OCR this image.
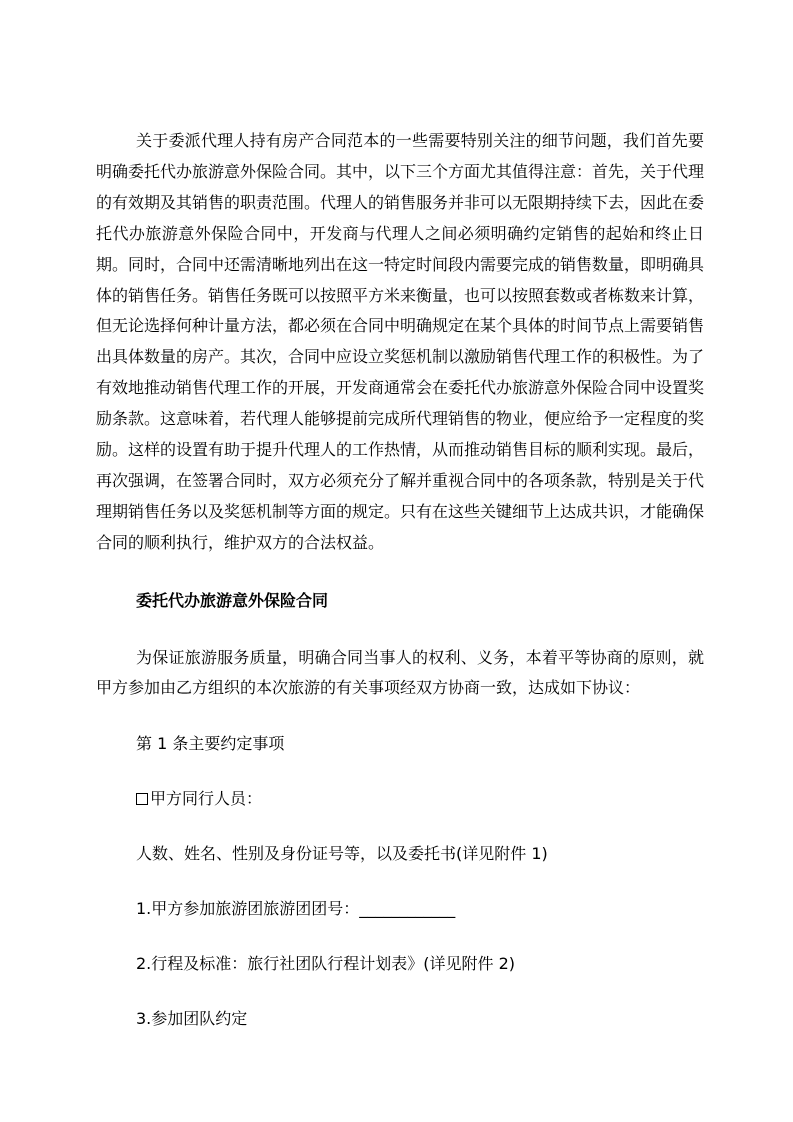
关于委派代理人持有房产合同范本的一些需要特别关注的细节问题，我们首先要明确委托代办旅游意外保险合同。其中，以下三个方面尤其值得注意：首先，关于代理的有效期及其销售的职责范围。代理人的销售服务并非可以无限期持续下去，因此在委托代办旅游意外保险合同中，开发商与代理人之间必须明确约定销售的起始和终止日期。同时，合同中还需清晰地列出在这一特定时间段内需要完成的销售数量，即明确具体的销售任务。销售任务既可以按照平方米来衡量，也可以按照套数或者栋数来计算，但无论选择何种计量方法，都必须在合同中明确规定在某个具体的时间节点上需要销售出具体数量的房产。其次，合同中应设立奖惩机制以激励销售代理工作的积极性。为了有效地推动销售代理工作的开展，开发商通常会在委托代办旅游意外保险合同中设置奖励条款。这意味着，若代理人能够提前完成所代理销售的物业，便应给予一定程度的奖励。这样的设置有助于提升代理人的工作热情，从而推动销售目标的顺利实现。最后，再次强调，在签署合同时，双方必须充分了解并重视合同中的各项条款，特别是关于代理期销售任务以及奖惩机制等方面的规定。只有在这些关键细节上达成共识，才能确保合同的顺利执行，维护双方的合法权益。

委托代办旅游意外保险合同

为保证旅游服务质量，明确合同当事人的权利、义务，本着平等协商的原则，就甲方参加由乙方组织的本次旅游的有关事项经双方协商一致，达成如下协议：

第 1 条主要约定事项

甲方同行人员：

人数、姓名、性别及身份证号等，以及委托书(详见附件 1)

1.甲方参加旅游团旅游团团号：____________

2.行程及标准：旅行社团队行程计划表》(详见附件 2)

3.参加团队约定
